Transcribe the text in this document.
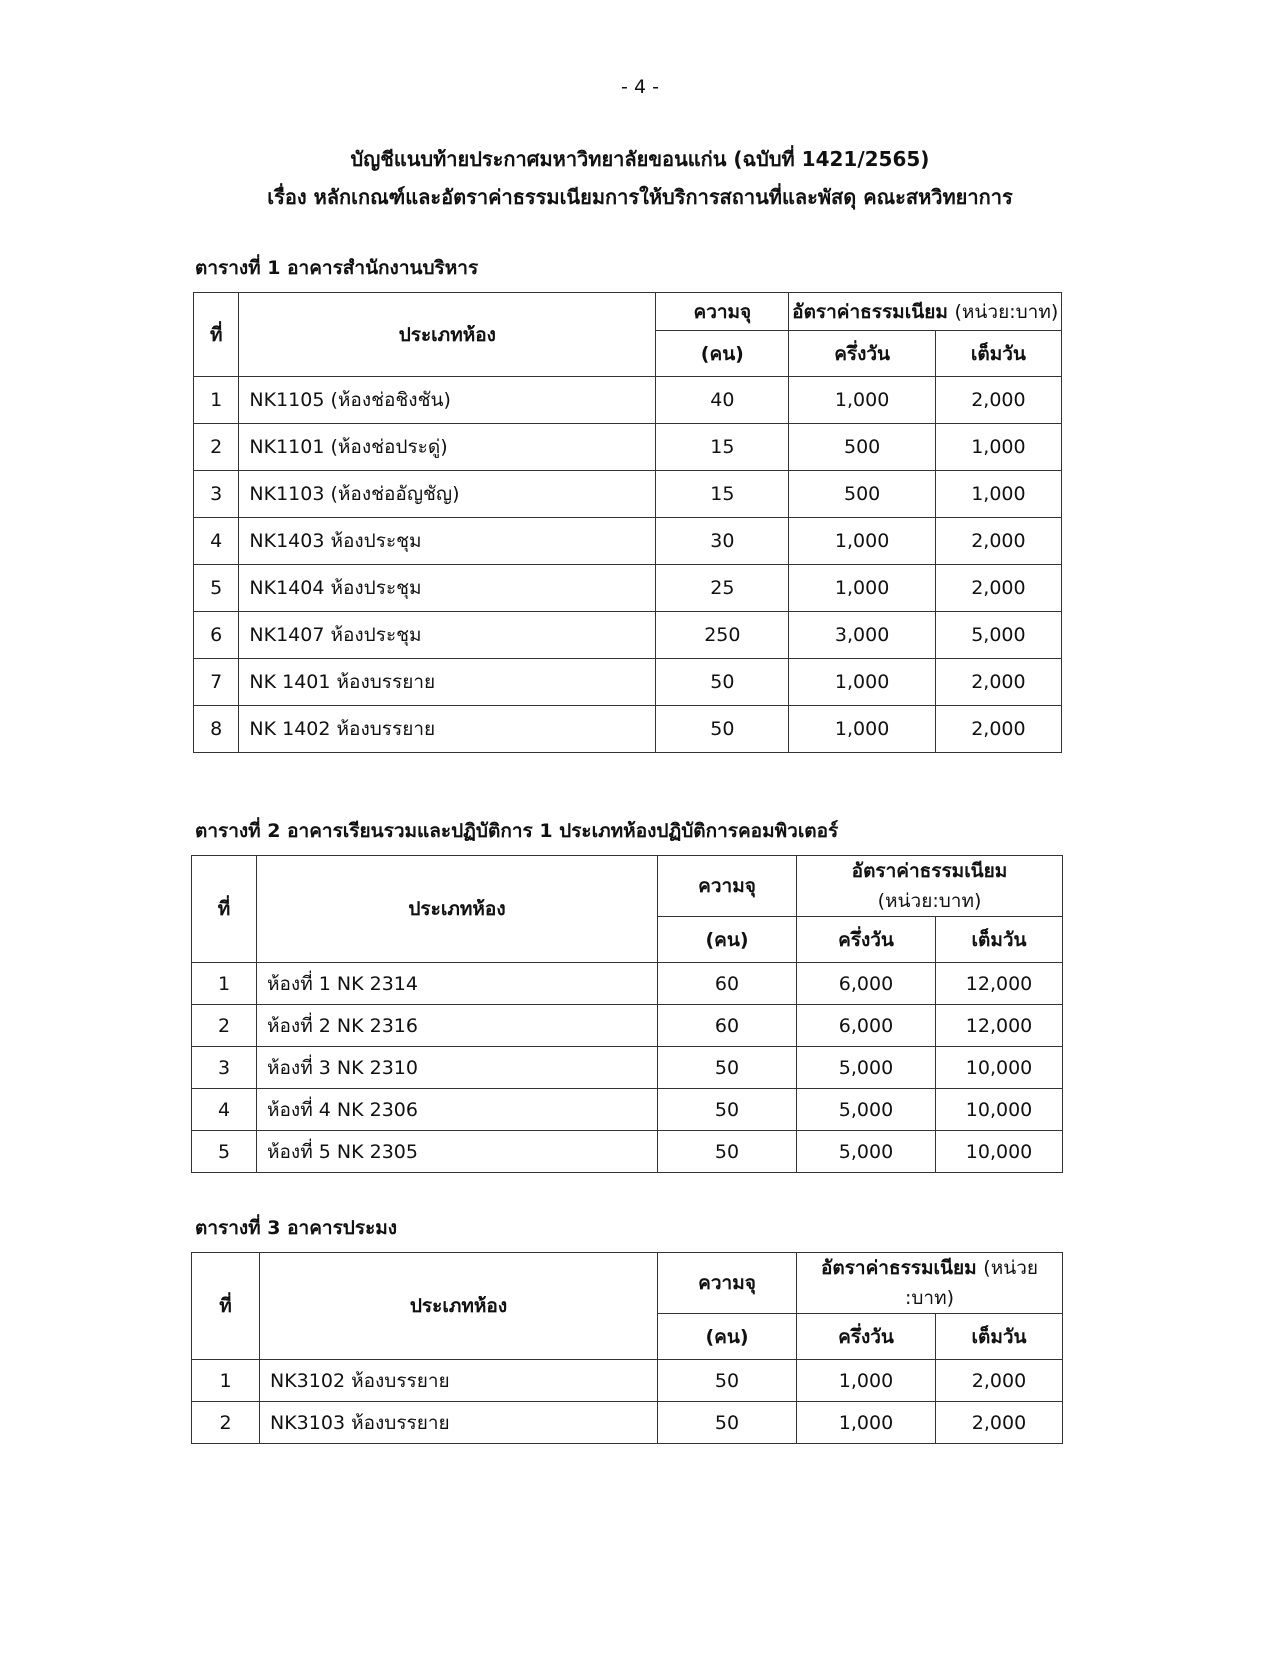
- 4 -
บัญชีแนบท้ายประกาศมหาวิทยาลัยขอนแก่น (ฉบับที่ 1421/2565)
เรื่อง หลักเกณฑ์และอัตราค่าธรรมเนียมการให้บริการสถานที่และพัสดุ คณะสหวิทยาการ
ตารางที่ 1 อาคารสำนักงานบริหาร
ที่	ประเภทห้อง	ความจุ	อัตราค่าธรรมเนียม (หน่วย:บาท)	
		(คน)	ครึ่งวัน	เต็มวัน
1	NK1105 (ห้องช่อชิงชัน)	40	1,000	2,000
2	NK1101 (ห้องช่อประดู่)	15	500	1,000
3	NK1103 (ห้องช่ออัญชัญ)	15	500	1,000
4	NK1403 ห้องประชุม	30	1,000	2,000
5	NK1404 ห้องประชุม	25	1,000	2,000
6	NK1407 ห้องประชุม	250	3,000	5,000
7	NK 1401 ห้องบรรยาย	50	1,000	2,000
8	NK 1402 ห้องบรรยาย	50	1,000	2,000
ตารางที่ 2 อาคารเรียนรวมและปฏิบัติการ 1 ประเภทห้องปฏิบัติการคอมพิวเตอร์
ที่	ประเภทห้อง	ความจุ	อัตราค่าธรรมเนียม (หน่วย:บาท)	
		(คน)	ครึ่งวัน	เต็มวัน
1	ห้องที่ 1 NK 2314	60	6,000	12,000
2	ห้องที่ 2 NK 2316	60	6,000	12,000
3	ห้องที่ 3 NK 2310	50	5,000	10,000
4	ห้องที่ 4 NK 2306	50	5,000	10,000
5	ห้องที่ 5 NK 2305	50	5,000	10,000
ตารางที่ 3 อาคารประมง
ที่	ประเภทห้อง	ความจุ	อัตราค่าธรรมเนียม (หน่วย :บาท)	
		(คน)	ครึ่งวัน	เต็มวัน
1	NK3102 ห้องบรรยาย	50	1,000	2,000
2	NK3103 ห้องบรรยาย	50	1,000	2,000
